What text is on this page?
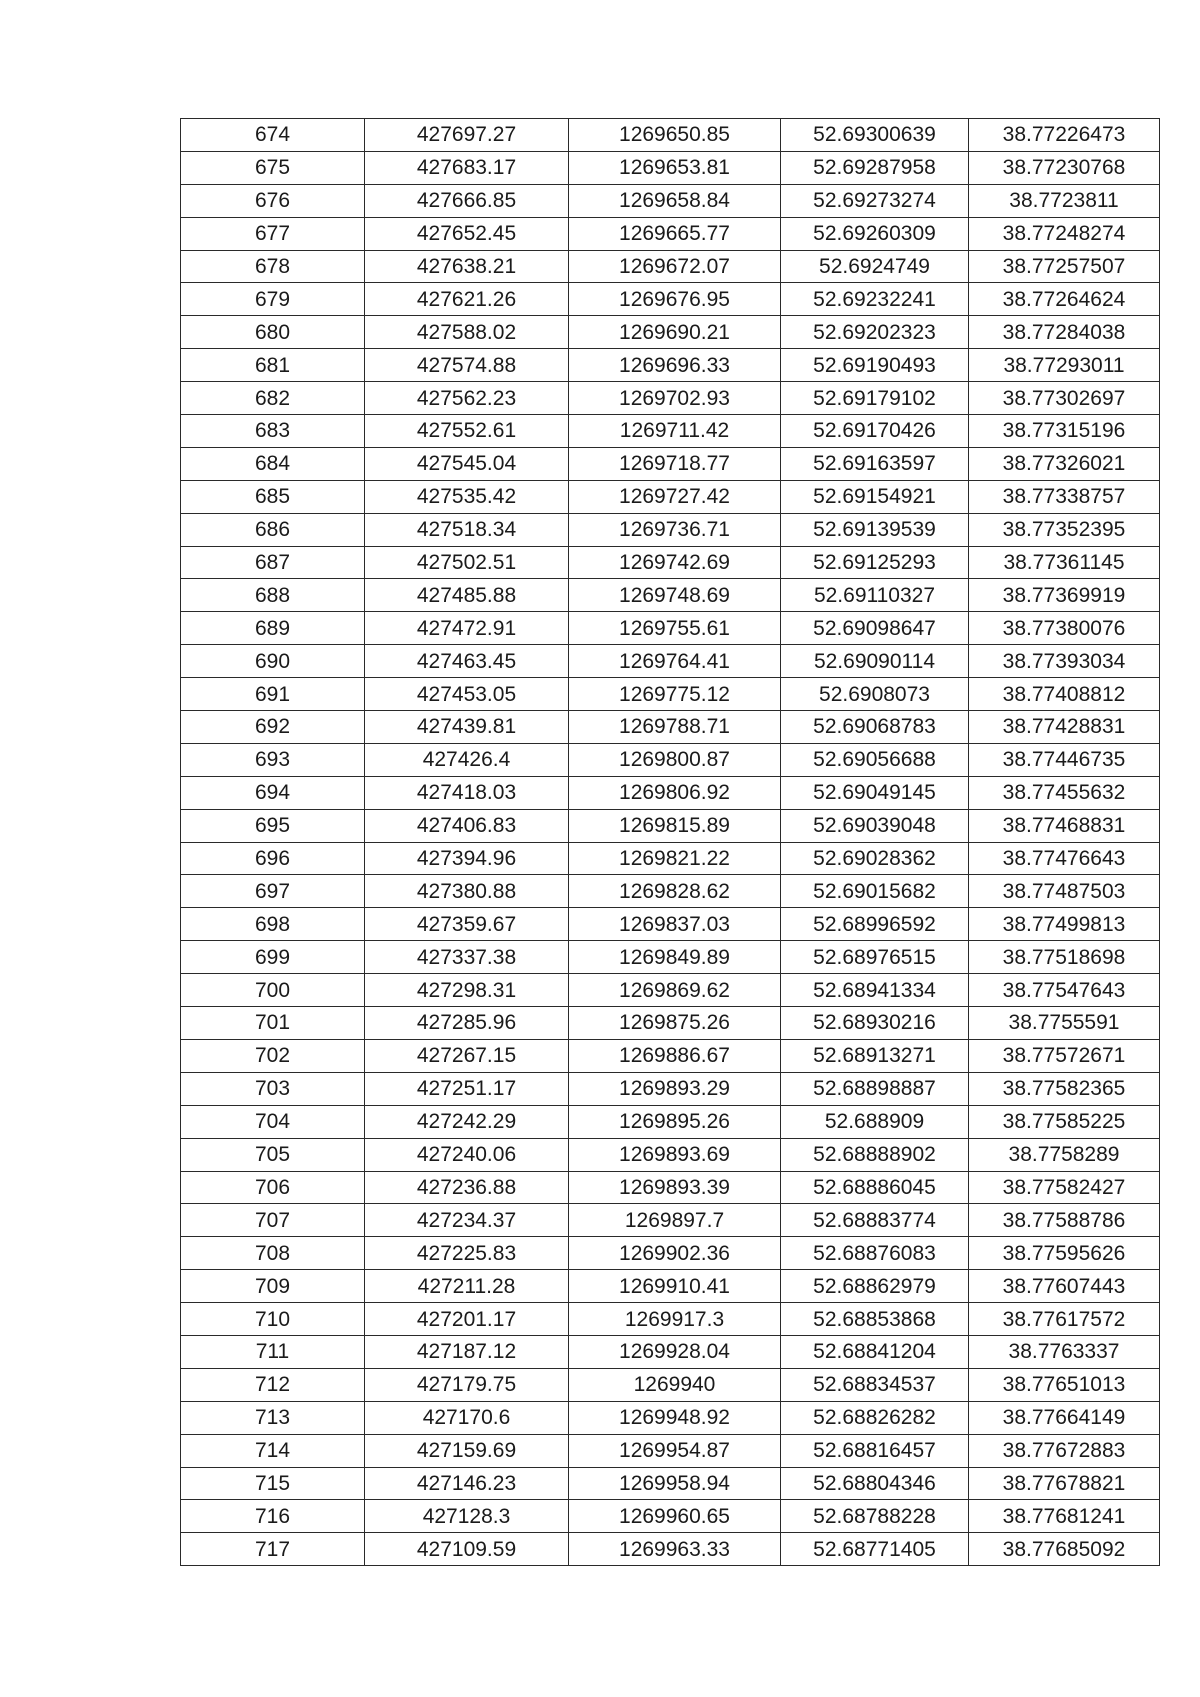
674	427697.27	1269650.85	52.69300639	38.77226473
675	427683.17	1269653.81	52.69287958	38.77230768
676	427666.85	1269658.84	52.69273274	38.7723811
677	427652.45	1269665.77	52.69260309	38.77248274
678	427638.21	1269672.07	52.6924749	38.77257507
679	427621.26	1269676.95	52.69232241	38.77264624
680	427588.02	1269690.21	52.69202323	38.77284038
681	427574.88	1269696.33	52.69190493	38.77293011
682	427562.23	1269702.93	52.69179102	38.77302697
683	427552.61	1269711.42	52.69170426	38.77315196
684	427545.04	1269718.77	52.69163597	38.77326021
685	427535.42	1269727.42	52.69154921	38.77338757
686	427518.34	1269736.71	52.69139539	38.77352395
687	427502.51	1269742.69	52.69125293	38.77361145
688	427485.88	1269748.69	52.69110327	38.77369919
689	427472.91	1269755.61	52.69098647	38.77380076
690	427463.45	1269764.41	52.69090114	38.77393034
691	427453.05	1269775.12	52.6908073	38.77408812
692	427439.81	1269788.71	52.69068783	38.77428831
693	427426.4	1269800.87	52.69056688	38.77446735
694	427418.03	1269806.92	52.69049145	38.77455632
695	427406.83	1269815.89	52.69039048	38.77468831
696	427394.96	1269821.22	52.69028362	38.77476643
697	427380.88	1269828.62	52.69015682	38.77487503
698	427359.67	1269837.03	52.68996592	38.77499813
699	427337.38	1269849.89	52.68976515	38.77518698
700	427298.31	1269869.62	52.68941334	38.77547643
701	427285.96	1269875.26	52.68930216	38.7755591
702	427267.15	1269886.67	52.68913271	38.77572671
703	427251.17	1269893.29	52.68898887	38.77582365
704	427242.29	1269895.26	52.688909	38.77585225
705	427240.06	1269893.69	52.68888902	38.7758289
706	427236.88	1269893.39	52.68886045	38.77582427
707	427234.37	1269897.7	52.68883774	38.77588786
708	427225.83	1269902.36	52.68876083	38.77595626
709	427211.28	1269910.41	52.68862979	38.77607443
710	427201.17	1269917.3	52.68853868	38.77617572
711	427187.12	1269928.04	52.68841204	38.7763337
712	427179.75	1269940	52.68834537	38.77651013
713	427170.6	1269948.92	52.68826282	38.77664149
714	427159.69	1269954.87	52.68816457	38.77672883
715	427146.23	1269958.94	52.68804346	38.77678821
716	427128.3	1269960.65	52.68788228	38.77681241
717	427109.59	1269963.33	52.68771405	38.77685092
